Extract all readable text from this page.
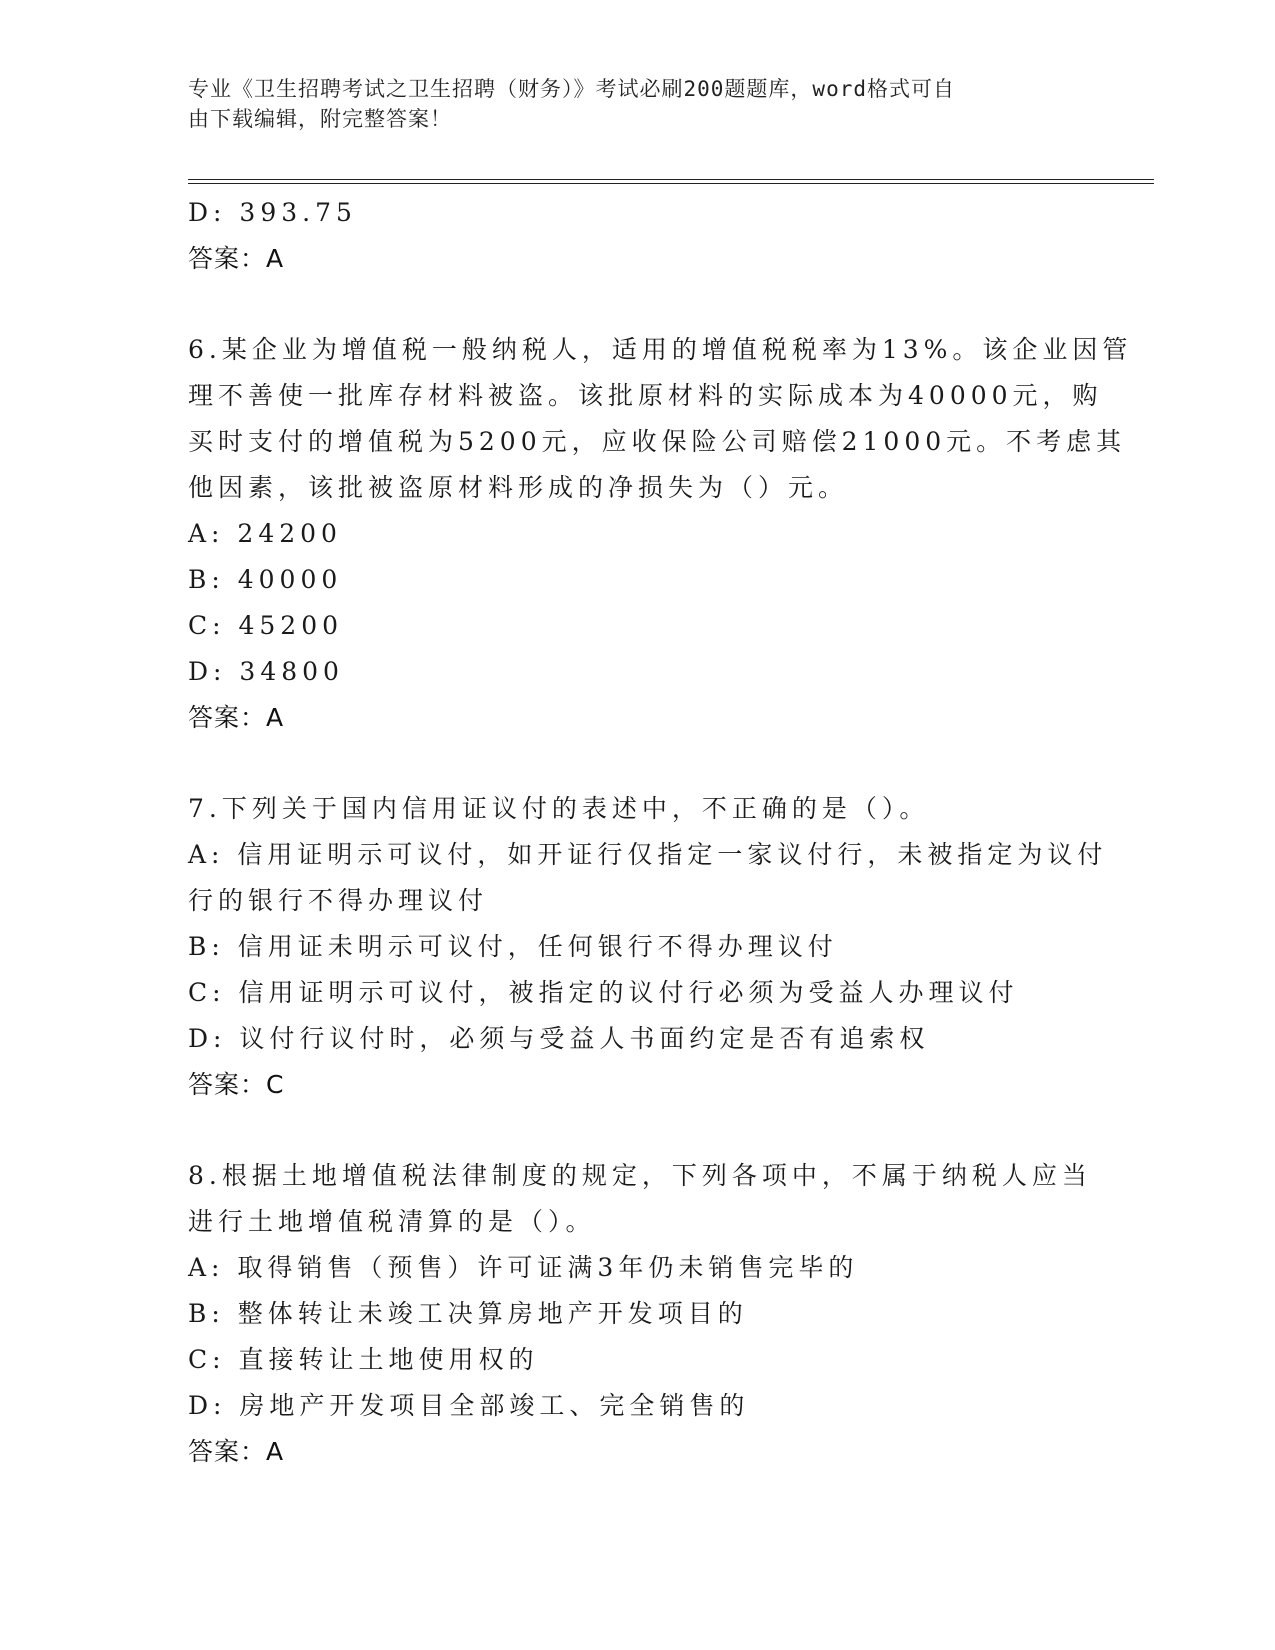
专业《卫生招聘考试之卫生招聘（财务）》考试必刷200题题库，word格式可自
由下载编辑，附完整答案！
D: 393.75
答案：A
6.某企业为增值税一般纳税人，适用的增值税税率为13%。该企业因管
理不善使一批库存材料被盗。该批原材料的实际成本为40000元，购
买时支付的增值税为5200元，应收保险公司赔偿21000元。不考虑其
他因素，该批被盗原材料形成的净损失为（）元。
A: 24200
B: 40000
C: 45200
D: 34800
答案：A
7.下列关于国内信用证议付的表述中，不正确的是（）。
A: 信用证明示可议付，如开证行仅指定一家议付行，未被指定为议付
行的银行不得办理议付
B: 信用证未明示可议付，任何银行不得办理议付
C: 信用证明示可议付，被指定的议付行必须为受益人办理议付
D: 议付行议付时，必须与受益人书面约定是否有追索权
答案：C
8.根据土地增值税法律制度的规定，下列各项中，不属于纳税人应当
进行土地增值税清算的是（）。
A: 取得销售（预售）许可证满3年仍未销售完毕的
B: 整体转让未竣工决算房地产开发项目的
C: 直接转让土地使用权的
D: 房地产开发项目全部竣工、完全销售的
答案：A
